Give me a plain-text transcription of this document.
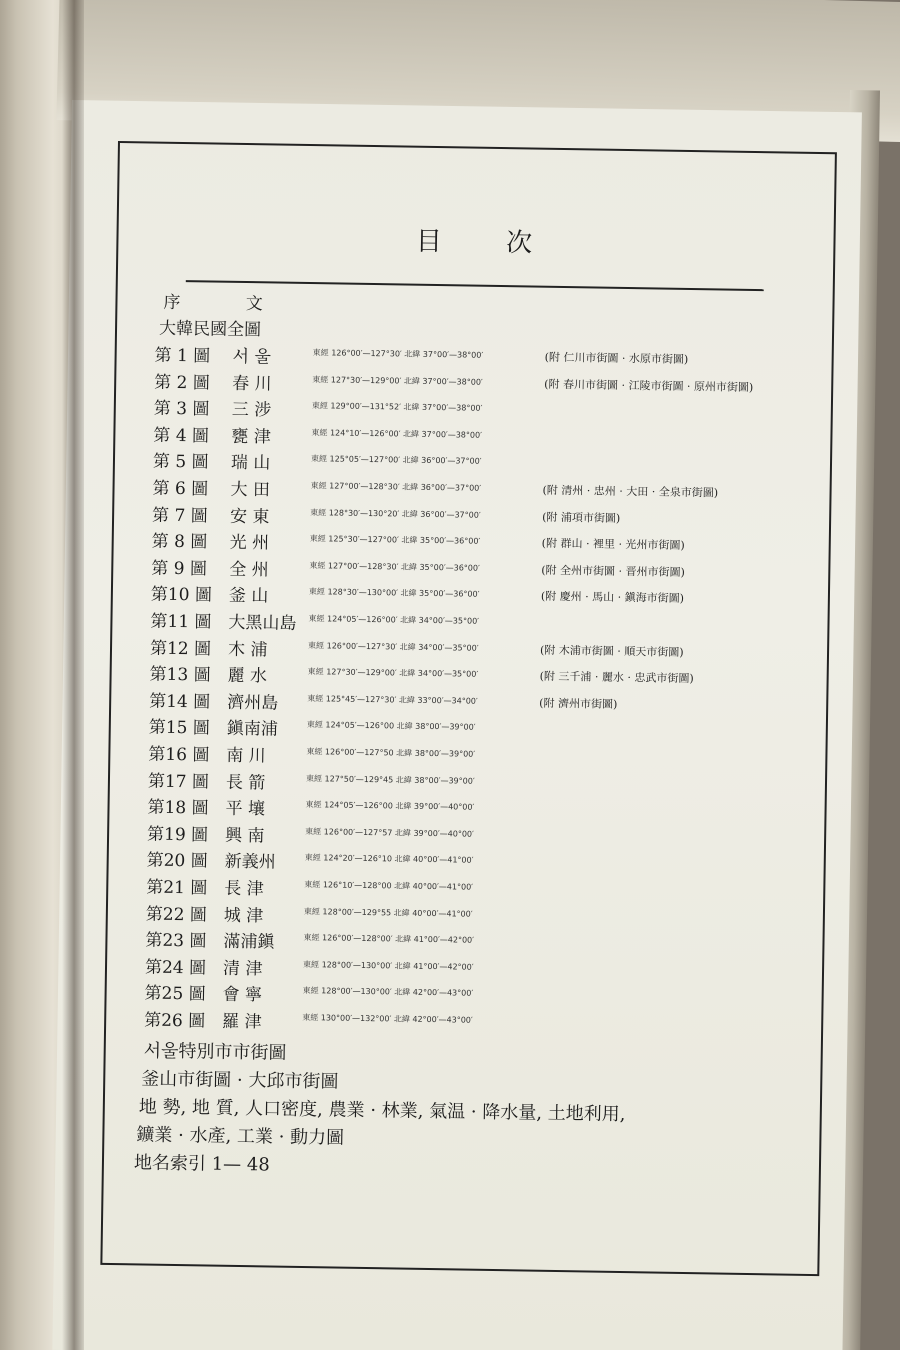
目 次
序 文
大韓民國全圖
第 1 圖 서 울	東經 126°00′—127°30′ 北緯 37°00′—38°00′	(附 仁川市街圖 · 水原市街圖)
第 2 圖 春 川	東經 127°30′—129°00′ 北緯 37°00′—38°00′	(附 春川市街圖 · 江陵市街圖 · 原州市街圖)
第 3 圖 三 涉	東經 129°00′—131°52′ 北緯 37°00′—38°00′
第 4 圖 甕 津	東經 124°10′—126°00′ 北緯 37°00′—38°00′
第 5 圖 瑞 山	東經 125°05′—127°00′ 北緯 36°00′—37°00′
第 6 圖 大 田	東經 127°00′—128°30′ 北緯 36°00′—37°00′	(附 清州 · 忠州 · 大田 · 全泉市街圖)
第 7 圖 安 東	東經 128°30′—130°20′ 北緯 36°00′—37°00′	(附 浦項市街圖)
第 8 圖 光 州	東經 125°30′—127°00′ 北緯 35°00′—36°00′	(附 群山 · 裡里 · 光州市街圖)
第 9 圖 全 州	東經 127°00′—128°30′ 北緯 35°00′—36°00′	(附 全州市街圖 · 晋州市街圖)
第10 圖 釜 山	東經 128°30′—130°00′ 北緯 35°00′—36°00′	(附 慶州 · 馬山 · 鎭海市街圖)
第11 圖 大黑山島 東經 124°05′—126°00′ 北緯 34°00′—35°00′
第12 圖 木 浦	東經 126°00′—127°30′ 北緯 34°00′—35°00′	(附 木浦市街圖 · 順天市街圖)
第13 圖 麗 水	東經 127°30′—129°00′ 北緯 34°00′—35°00′	(附 三千浦 · 麗水 · 忠武市街圖)
第14 圖 濟州島	東經 125°45′—127°30′ 北緯 33°00′—34°00′	(附 濟州市街圖)
第15 圖 鎭南浦	東經 124°05′—126°00 北緯 38°00′—39°00′
第16 圖 南 川	東經 126°00′—127°50 北緯 38°00′—39°00′
第17 圖 長 箭	東經 127°50′—129°45 北緯 38°00′—39°00′
第18 圖 平 壤	東經 124°05′—126°00 北緯 39°00′—40°00′
第19 圖 興 南	東經 126°00′—127°57 北緯 39°00′—40°00′
第20 圖 新義州	東經 124°20′—126°10 北緯 40°00′—41°00′
第21 圖 長 津	東經 126°10′—128°00 北緯 40°00′—41°00′
第22 圖 城 津	東經 128°00′—129°55 北緯 40°00′—41°00′
第23 圖 滿浦鎭	東經 126°00′—128°00′ 北緯 41°00′—42°00′
第24 圖 清 津	東經 128°00′—130°00′ 北緯 41°00′—42°00′
第25 圖 會 寧	東經 128°00′—130°00′ 北緯 42°00′—43°00′
第26 圖 羅 津	東經 130°00′—132°00′ 北緯 42°00′—43°00′
서울特別市市街圖
釜山市街圖 · 大邱市街圖
地 勢, 地 質, 人口密度, 農業 · 林業, 氣温 · 降水量, 土地利用,
鑛業 · 水產, 工業 · 動力圖
地名索引 1— 48
